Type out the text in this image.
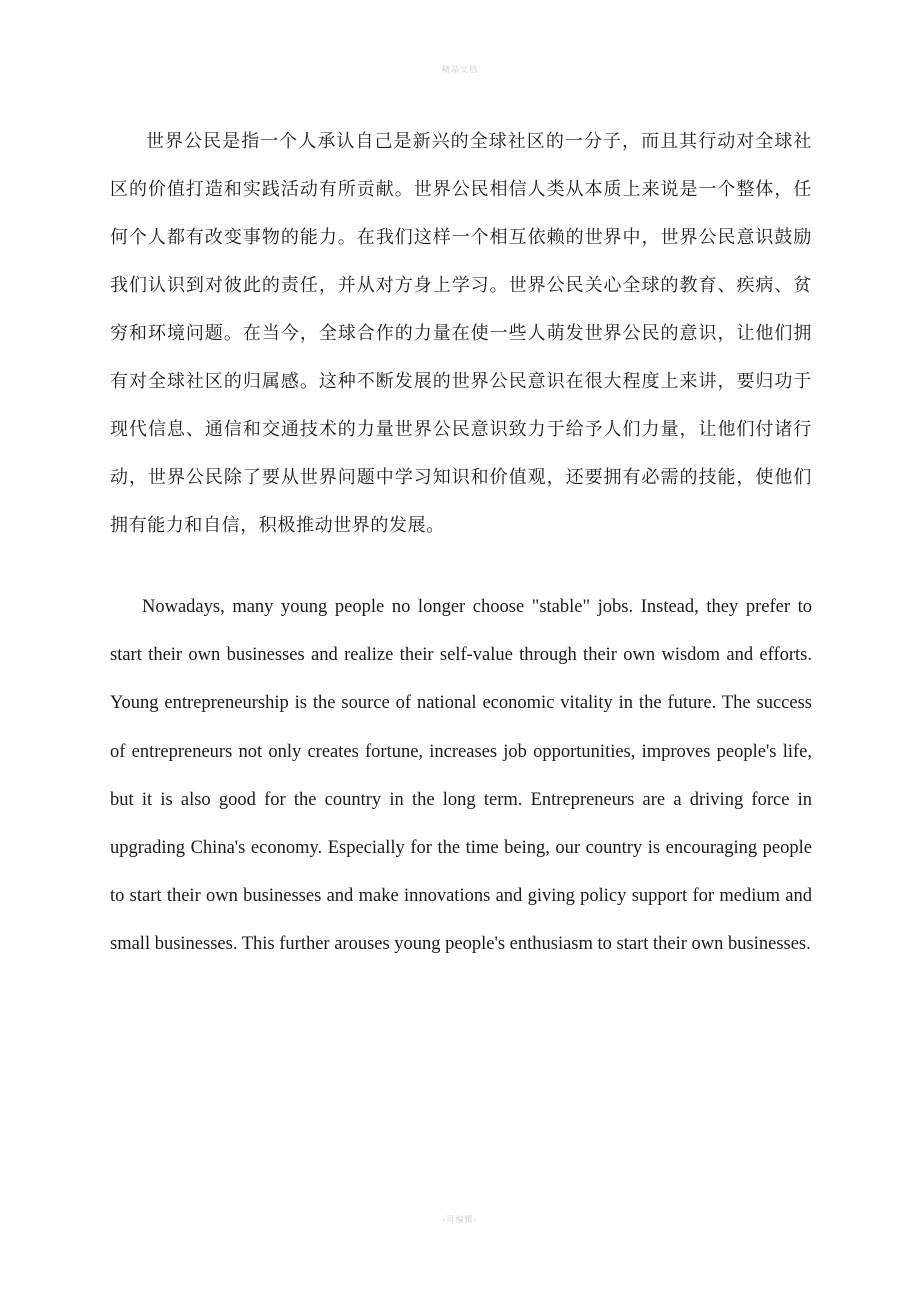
精品文档

世界公民是指一个人承认自己是新兴的全球社区的一分子，而且其行动对全球社区的价值打造和实践活动有所贡献。世界公民相信人类从本质上来说是一个整体，任何个人都有改变事物的能力。在我们这样一个相互依赖的世界中，世界公民意识鼓励我们认识到对彼此的责任，并从对方身上学习。世界公民关心全球的教育、疾病、贫穷和环境问题。在当今，全球合作的力量在使一些人萌发世界公民的意识，让他们拥有对全球社区的归属感。这种不断发展的世界公民意识在很大程度上来讲，要归功于现代信息、通信和交通技术的力量世界公民意识致力于给予人们力量，让他们付诸行动，世界公民除了要从世界问题中学习知识和价值观，还要拥有必需的技能，使他们拥有能力和自信，积极推动世界的发展。

Nowadays, many young people no longer choose "stable" jobs. Instead, they prefer to start their own businesses and realize their self-value through their own wisdom and efforts. Young entrepreneurship is the source of national economic vitality in the future. The success of entrepreneurs not only creates fortune, increases job opportunities, improves people's life, but it is also good for the country in the long term. Entrepreneurs are a driving force in upgrading China's economy. Especially for the time being, our country is encouraging people to start their own businesses and make innovations and giving policy support for medium and small businesses. This further arouses young people's enthusiasm to start their own businesses.

-可编辑-
